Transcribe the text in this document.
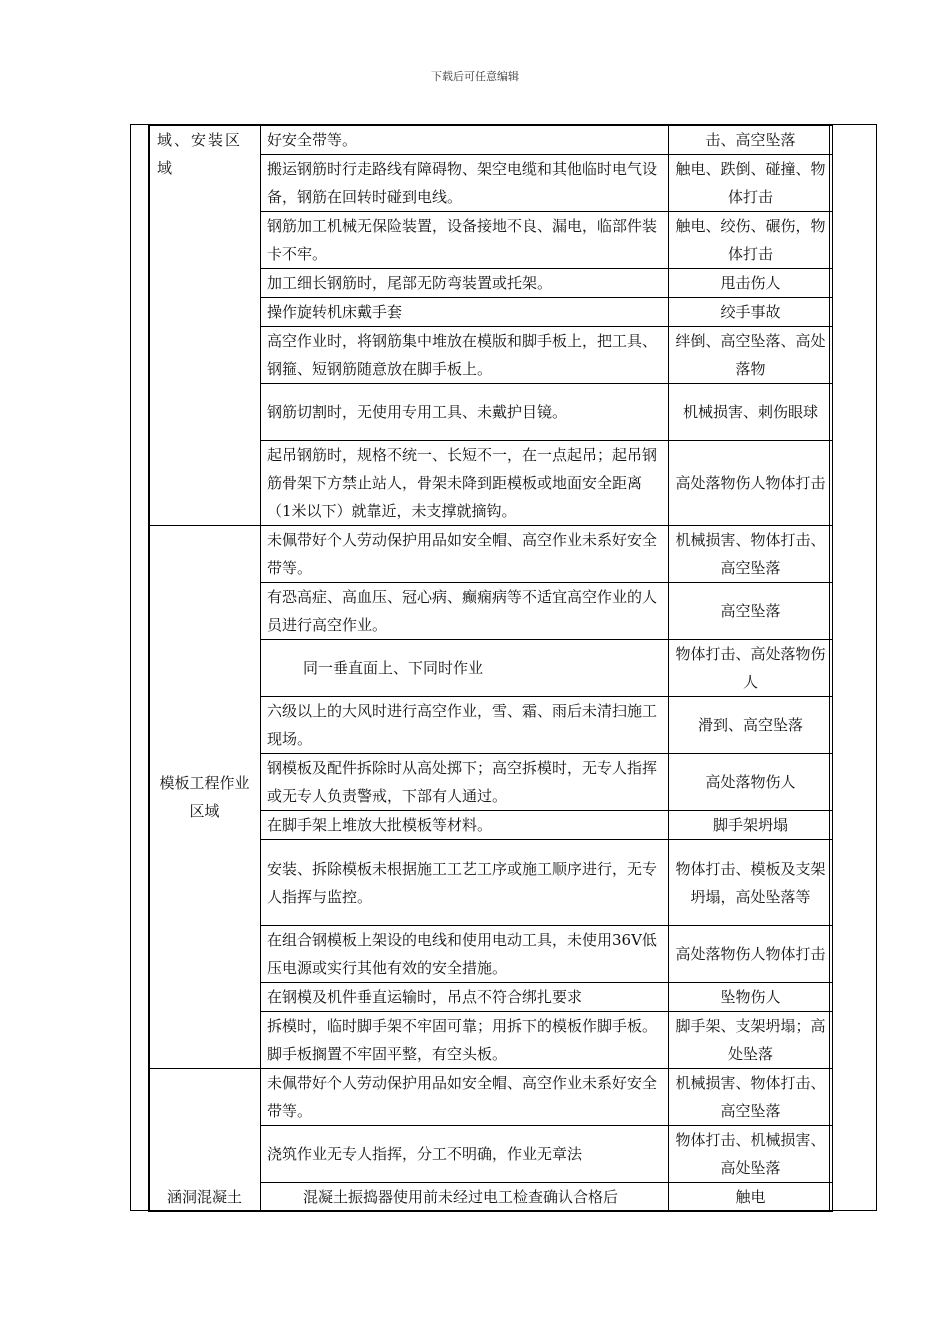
下载后可任意编辑
域、安装区域	好安全带等。	击、高空坠落
	搬运钢筋时行走路线有障碍物、架空电缆和其他临时电气设备，钢筋在回转时碰到电线。	触电、跌倒、碰撞、物体打击
	钢筋加工机械无保险装置，设备接地不良、漏电，临部件装卡不牢。	触电、绞伤、碾伤，物体打击
	加工细长钢筋时，尾部无防弯装置或托架。	甩击伤人
	操作旋转机床戴手套	绞手事故
	高空作业时，将钢筋集中堆放在模版和脚手板上，把工具、钢箍、短钢筋随意放在脚手板上。	绊倒、高空坠落、高处落物
	钢筋切割时，无使用专用工具、未戴护目镜。	机械损害、刺伤眼球
	起吊钢筋时，规格不统一、长短不一，在一点起吊；起吊钢筋骨架下方禁止站人，骨架未降到距模板或地面安全距离（1米以下）就靠近，未支撑就摘钩。	高处落物伤人物体打击
模板工程作业区域	未佩带好个人劳动保护用品如安全帽、高空作业未系好安全带等。	机械损害、物体打击、高空坠落
	有恐高症、高血压、冠心病、癫痫病等不适宜高空作业的人员进行高空作业。	高空坠落
	同一垂直面上、下同时作业	物体打击、高处落物伤人
	六级以上的大风时进行高空作业，雪、霜、雨后未清扫施工现场。	滑到、高空坠落
	钢模板及配件拆除时从高处掷下；高空拆模时，无专人指挥或无专人负责警戒，下部有人通过。	高处落物伤人
	在脚手架上堆放大批模板等材料。	脚手架坍塌
	安装、拆除模板未根据施工工艺工序或施工顺序进行，无专人指挥与监控。	物体打击、模板及支架坍塌，高处坠落等
	在组合钢模板上架设的电线和使用电动工具，未使用36V低压电源或实行其他有效的安全措施。	高处落物伤人物体打击
	在钢模及机件垂直运输时，吊点不符合绑扎要求	坠物伤人
	拆模时，临时脚手架不牢固可靠；用拆下的模板作脚手板。脚手板搁置不牢固平整，有空头板。	脚手架、支架坍塌；高处坠落
涵洞混凝土	未佩带好个人劳动保护用品如安全帽、高空作业未系好安全带等。	机械损害、物体打击、高空坠落
	浇筑作业无专人指挥，分工不明确，作业无章法	物体打击、机械损害、高处坠落
	混凝土振捣器使用前未经过电工检查确认合格后	触电
